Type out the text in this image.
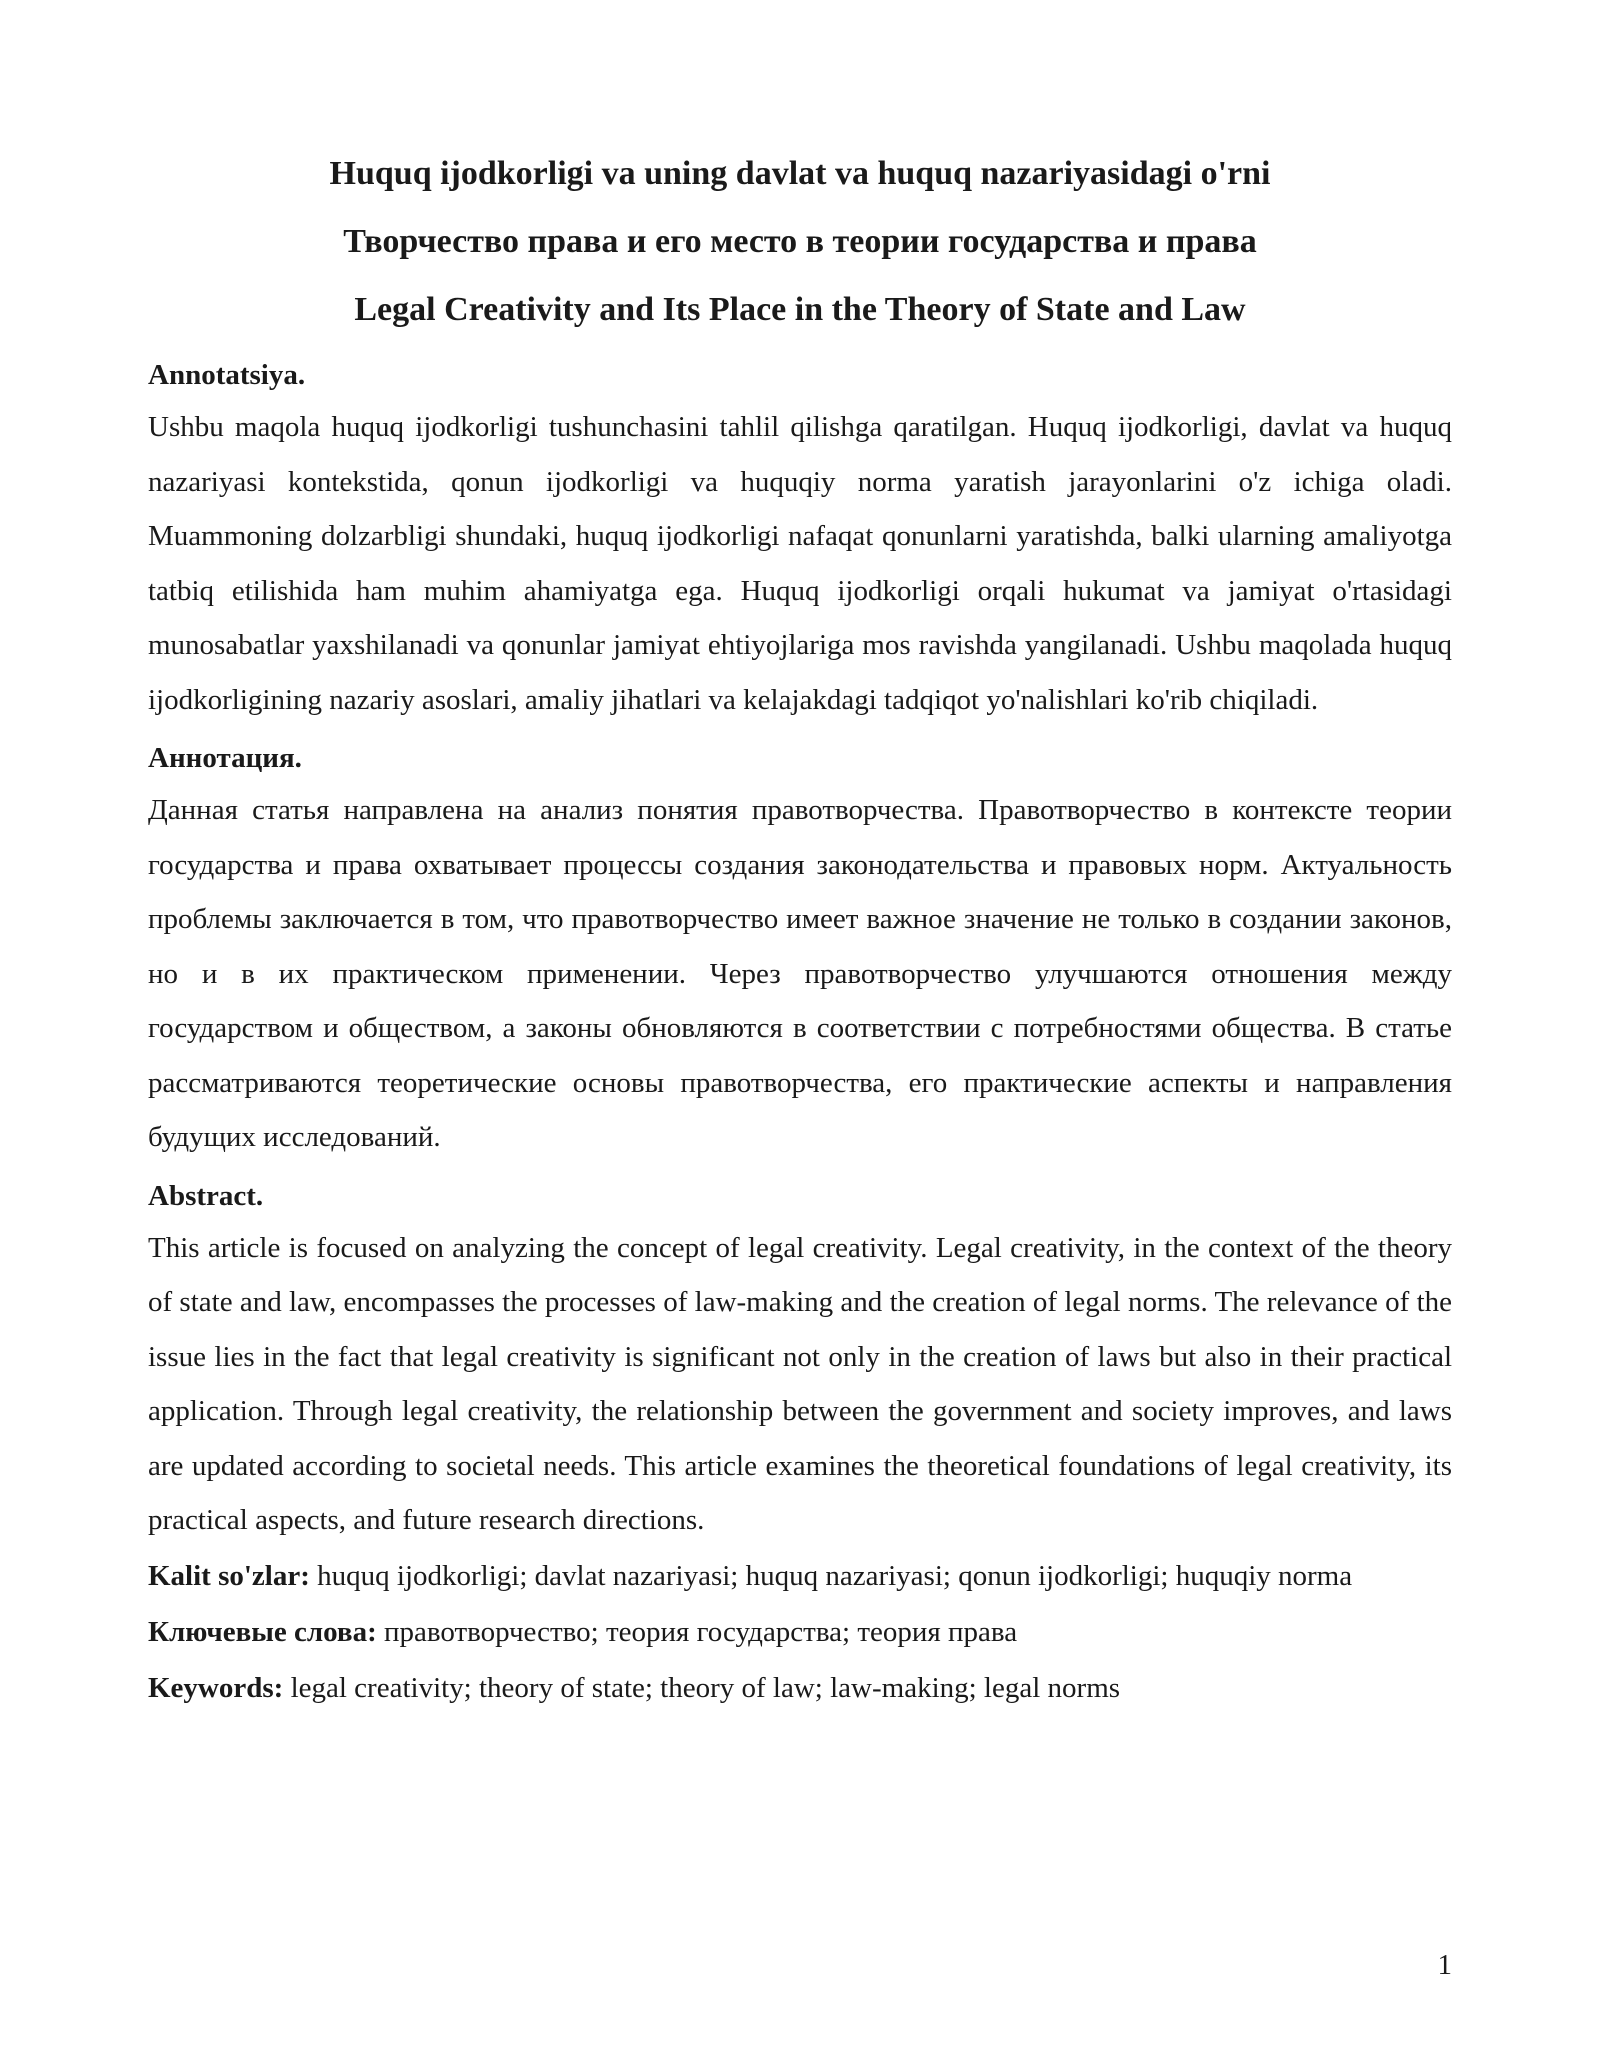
Huquq ijodkorligi va uning davlat va huquq nazariyasidagi o'rni
Творчество права и его место в теории государства и права
Legal Creativity and Its Place in the Theory of State and Law
Annotatsiya.

Ushbu maqola huquq ijodkorligi tushunchasini tahlil qilishga qaratilgan. Huquq ijodkorligi, davlat va huquq nazariyasi kontekstida, qonun ijodkorligi va huquqiy norma yaratish jarayonlarini o'z ichiga oladi. Muammoning dolzarbligi shundaki, huquq ijodkorligi nafaqat qonunlarni yaratishda, balki ularning amaliyotga tatbiq etilishida ham muhim ahamiyatga ega. Huquq ijodkorligi orqali hukumat va jamiyat o'rtasidagi munosabatlar yaxshilanadi va qonunlar jamiyat ehtiyojlariga mos ravishda yangilanadi. Ushbu maqolada huquq ijodkorligining nazariy asoslari, amaliy jihatlari va kelajakdagi tadqiqot yo'nalishlari ko'rib chiqiladi.

Аннотация.

Данная статья направлена на анализ понятия правотворчества. Правотворчество в контексте теории государства и права охватывает процессы создания законодательства и правовых норм. Актуальность проблемы заключается в том, что правотворчество имеет важное значение не только в создании законов, но и в их практическом применении. Через правотворчество улучшаются отношения между государством и обществом, а законы обновляются в соответствии с потребностями общества. В статье рассматриваются теоретические основы правотворчества, его практические аспекты и направления будущих исследований.

Abstract.

This article is focused on analyzing the concept of legal creativity. Legal creativity, in the context of the theory of state and law, encompasses the processes of law-making and the creation of legal norms. The relevance of the issue lies in the fact that legal creativity is significant not only in the creation of laws but also in their practical application. Through legal creativity, the relationship between the government and society improves, and laws are updated according to societal needs. This article examines the theoretical foundations of legal creativity, its practical aspects, and future research directions.

Kalit so'zlar: huquq ijodkorligi; davlat nazariyasi; huquq nazariyasi; qonun ijodkorligi; huquqiy norma

Ключевые слова: правотворчество; теория государства; теория права

Keywords: legal creativity; theory of state; theory of law; law-making; legal norms

1
